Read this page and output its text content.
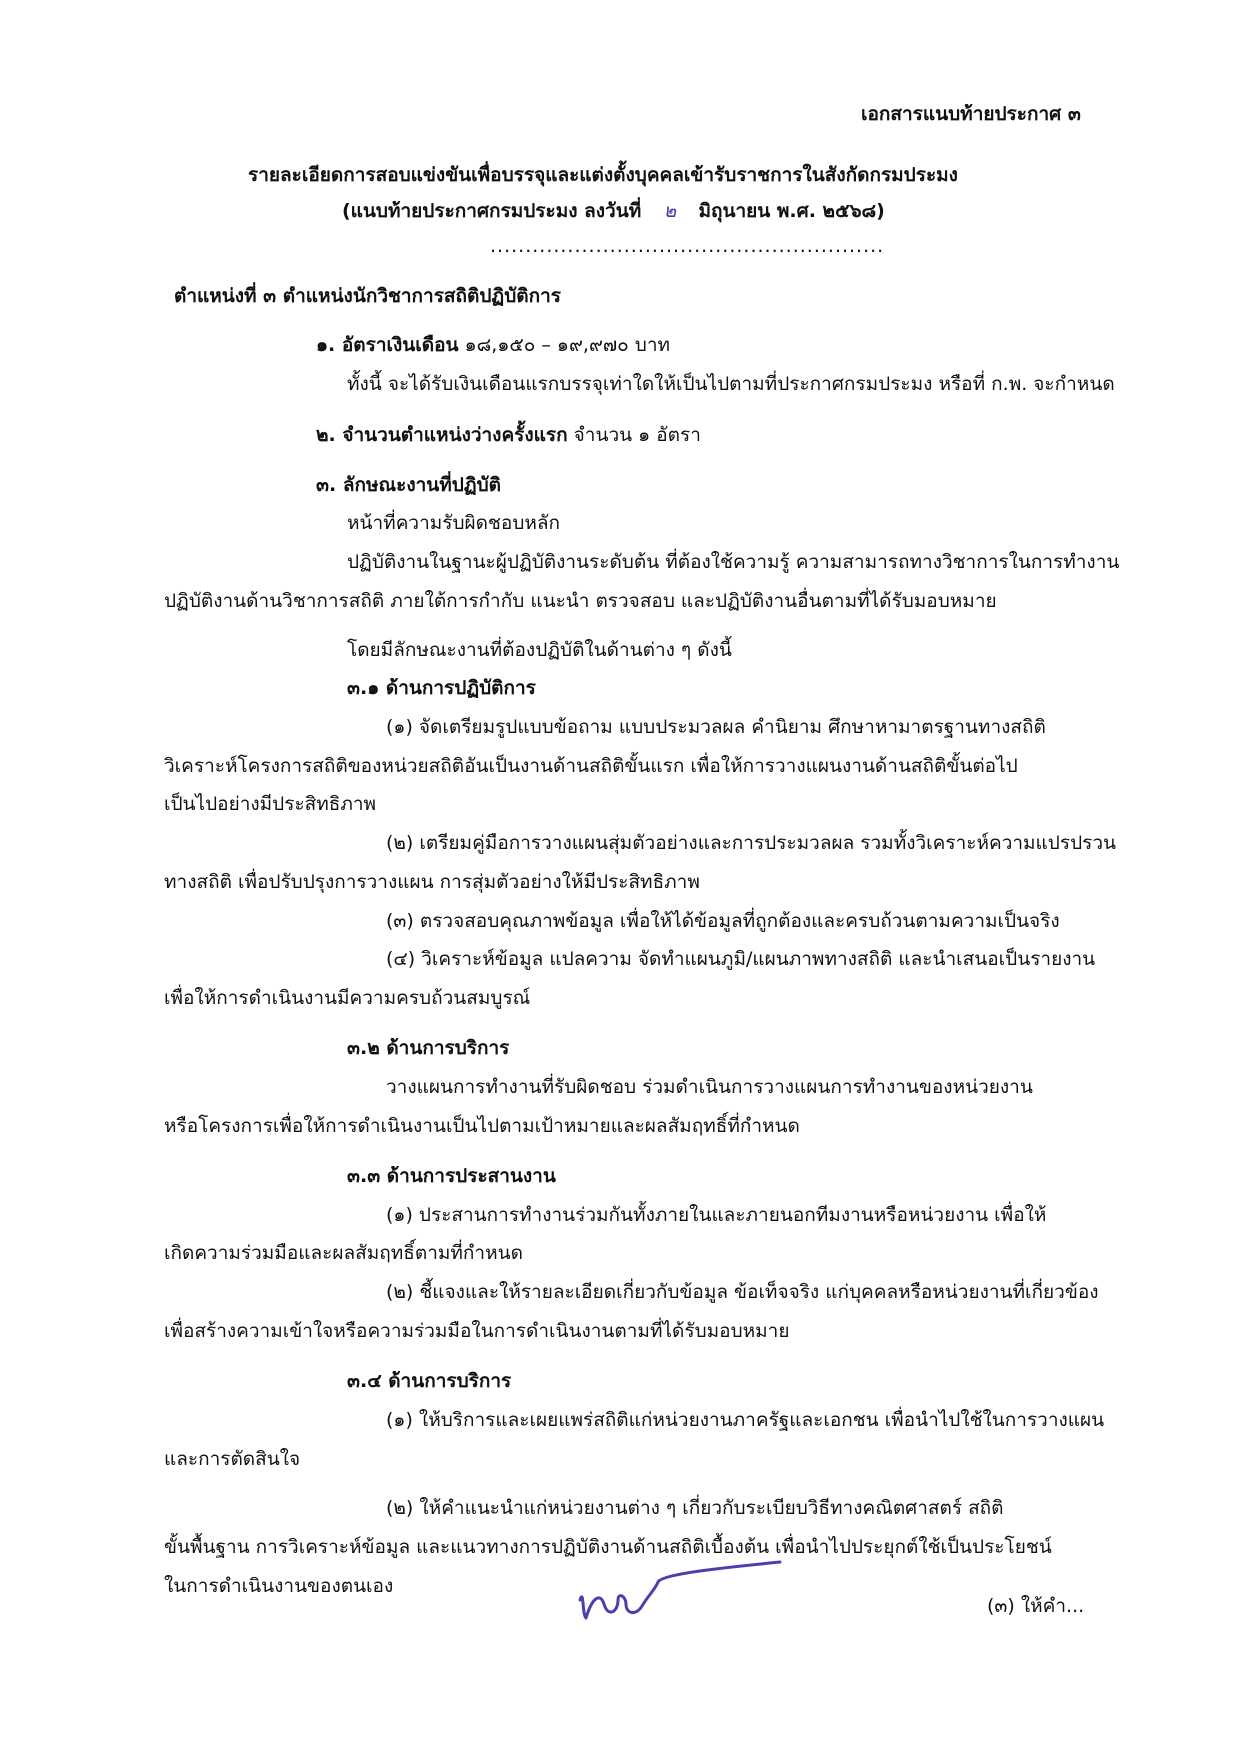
เอกสารแนบท้ายประกาศ ๓
รายละเอียดการสอบแข่งขันเพื่อบรรจุและแต่งตั้งบุคคลเข้ารับราชการในสังกัดกรมประมง
(แนบท้ายประกาศกรมประมง ลงวันที่ ๒ มิถุนายน พ.ศ. ๒๕๖๘)
........................................................
ตำแหน่งที่ ๓ ตำแหน่งนักวิชาการสถิติปฏิบัติการ
๑. อัตราเงินเดือน ๑๘,๑๕๐ – ๑๙,๙๗๐ บาท
ทั้งนี้ จะได้รับเงินเดือนแรกบรรจุเท่าใดให้เป็นไปตามที่ประกาศกรมประมง หรือที่ ก.พ. จะกำหนด
๒. จำนวนตำแหน่งว่างครั้งแรก จำนวน ๑ อัตรา
๓. ลักษณะงานที่ปฏิบัติ
หน้าที่ความรับผิดชอบหลัก
ปฏิบัติงานในฐานะผู้ปฏิบัติงานระดับต้น ที่ต้องใช้ความรู้ ความสามารถทางวิชาการในการทำงาน
ปฏิบัติงานด้านวิชาการสถิติ ภายใต้การกำกับ แนะนำ ตรวจสอบ และปฏิบัติงานอื่นตามที่ได้รับมอบหมาย
โดยมีลักษณะงานที่ต้องปฏิบัติในด้านต่าง ๆ ดังนี้
๓.๑ ด้านการปฏิบัติการ
(๑) จัดเตรียมรูปแบบข้อถาม แบบประมวลผล คำนิยาม ศึกษาหามาตรฐานทางสถิติ
วิเคราะห์โครงการสถิติของหน่วยสถิติอันเป็นงานด้านสถิติขั้นแรก เพื่อให้การวางแผนงานด้านสถิติขั้นต่อไป
เป็นไปอย่างมีประสิทธิภาพ
(๒) เตรียมคู่มือการวางแผนสุ่มตัวอย่างและการประมวลผล รวมทั้งวิเคราะห์ความแปรปรวน
ทางสถิติ เพื่อปรับปรุงการวางแผน การสุ่มตัวอย่างให้มีประสิทธิภาพ
(๓) ตรวจสอบคุณภาพข้อมูล เพื่อให้ได้ข้อมูลที่ถูกต้องและครบถ้วนตามความเป็นจริง
(๔) วิเคราะห์ข้อมูล แปลความ จัดทำแผนภูมิ/แผนภาพทางสถิติ และนำเสนอเป็นรายงาน
เพื่อให้การดำเนินงานมีความครบถ้วนสมบูรณ์
๓.๒ ด้านการบริการ
วางแผนการทำงานที่รับผิดชอบ ร่วมดำเนินการวางแผนการทำงานของหน่วยงาน
หรือโครงการเพื่อให้การดำเนินงานเป็นไปตามเป้าหมายและผลสัมฤทธิ์ที่กำหนด
๓.๓ ด้านการประสานงาน
(๑) ประสานการทำงานร่วมกันทั้งภายในและภายนอกทีมงานหรือหน่วยงาน เพื่อให้
เกิดความร่วมมือและผลสัมฤทธิ์ตามที่กำหนด
(๒) ชี้แจงและให้รายละเอียดเกี่ยวกับข้อมูล ข้อเท็จจริง แก่บุคคลหรือหน่วยงานที่เกี่ยวข้อง
เพื่อสร้างความเข้าใจหรือความร่วมมือในการดำเนินงานตามที่ได้รับมอบหมาย
๓.๔ ด้านการบริการ
(๑) ให้บริการและเผยแพร่สถิติแก่หน่วยงานภาครัฐและเอกชน เพื่อนำไปใช้ในการวางแผน
และการตัดสินใจ
(๒) ให้คำแนะนำแก่หน่วยงานต่าง ๆ เกี่ยวกับระเบียบวิธีทางคณิตศาสตร์ สถิติ
ขั้นพื้นฐาน การวิเคราะห์ข้อมูล และแนวทางการปฏิบัติงานด้านสถิติเบื้องต้น เพื่อนำไปประยุกต์ใช้เป็นประโยชน์
ในการดำเนินงานของตนเอง
(๓) ให้คำ...
